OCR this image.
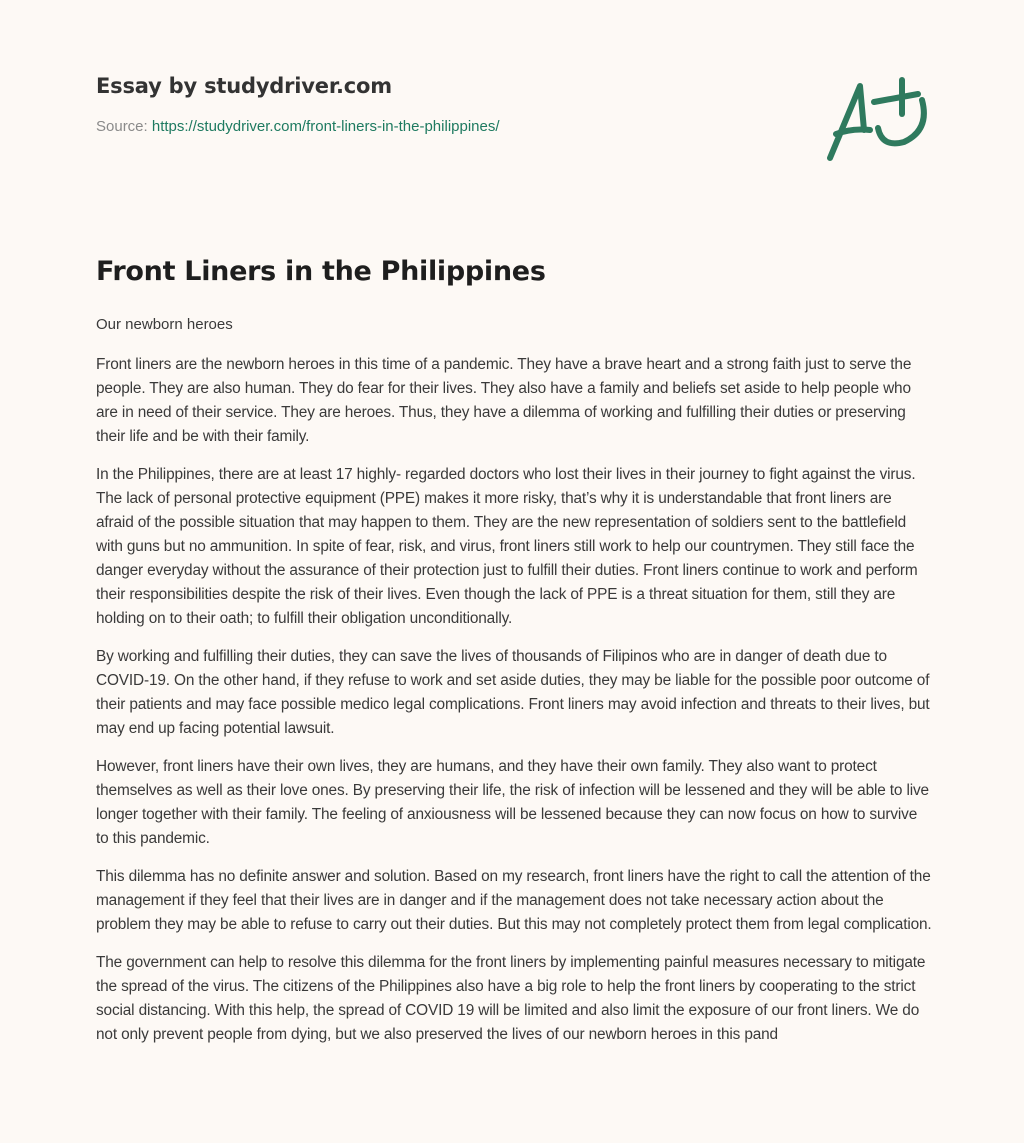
Essay by studydriver.com
Source: https://studydriver.com/front-liners-in-the-philippines/
Front Liners in the Philippines

Our newborn heroes

Front liners are the newborn heroes in this time of a pandemic. They have a brave heart and a strong faith just to serve the people. They are also human. They do fear for their lives. They also have a family and beliefs set aside to help people who are in need of their service. They are heroes. Thus, they have a dilemma of working and fulfilling their duties or preserving their life and be with their family.

In the Philippines, there are at least 17 highly- regarded doctors who lost their lives in their journey to fight against the virus. The lack of personal protective equipment (PPE) makes it more risky, that’s why it is understandable that front liners are afraid of the possible situation that may happen to them. They are the new representation of soldiers sent to the battlefield with guns but no ammunition. In spite of fear, risk, and virus, front liners still work to help our countrymen. They still face the danger everyday without the assurance of their protection just to fulfill their duties. Front liners continue to work and perform their responsibilities despite the risk of their lives. Even though the lack of PPE is a threat situation for them, still they are holding on to their oath; to fulfill their obligation unconditionally.

By working and fulfilling their duties, they can save the lives of thousands of Filipinos who are in danger of death due to COVID-19. On the other hand, if they refuse to work and set aside duties, they may be liable for the possible poor outcome of their patients and may face possible medico legal complications. Front liners may avoid infection and threats to their lives, but may end up facing potential lawsuit.

However, front liners have their own lives, they are humans, and they have their own family. They also want to protect themselves as well as their love ones. By preserving their life, the risk of infection will be lessened and they will be able to live longer together with their family. The feeling of anxiousness will be lessened because they can now focus on how to survive to this pandemic.

This dilemma has no definite answer and solution. Based on my research, front liners have the right to call the attention of the management if they feel that their lives are in danger and if the management does not take necessary action about the problem they may be able to refuse to carry out their duties. But this may not completely protect them from legal complication.

The government can help to resolve this dilemma for the front liners by implementing painful measures necessary to mitigate the spread of the virus. The citizens of the Philippines also have a big role to help the front liners by cooperating to the strict social distancing. With this help, the spread of COVID 19 will be limited and also limit the exposure of our front liners. We do not only prevent people from dying, but we also preserved the lives of our newborn heroes in this pand
